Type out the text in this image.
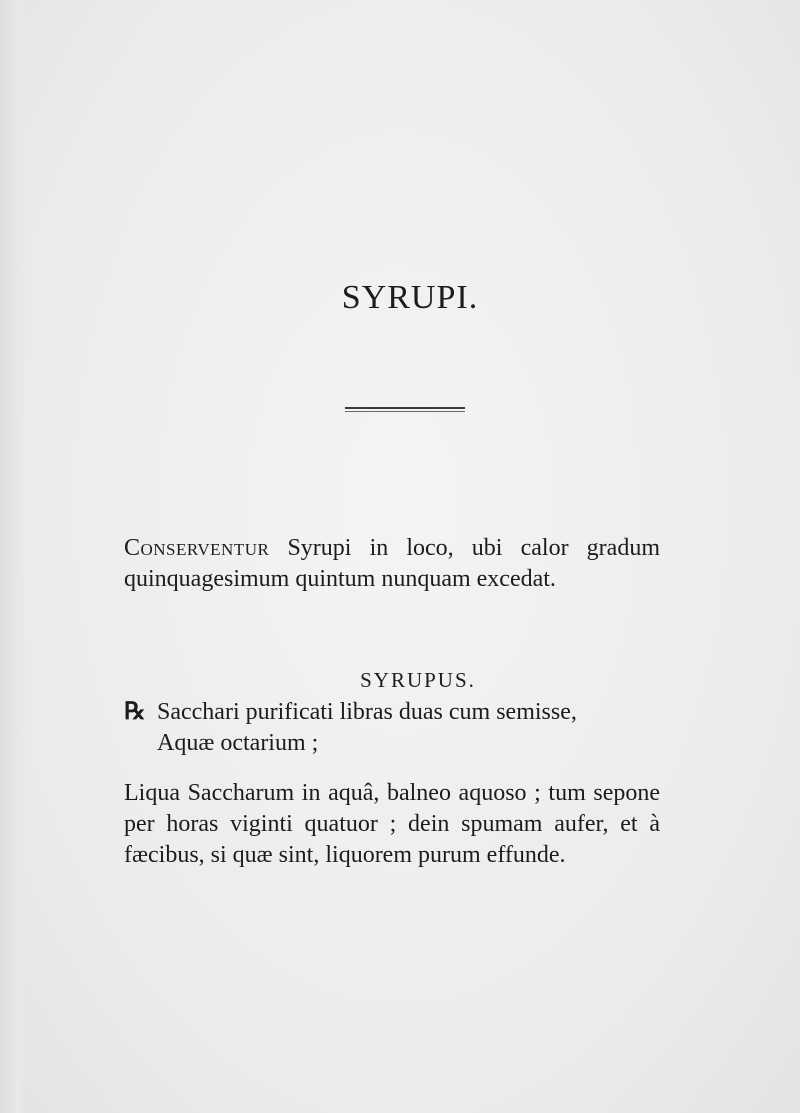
SYRUPI.

Conserventur Syrupi in loco, ubi calor gradum quinquagesimum quintum nunquam excedat.

SYRUPUS.
℞ Sacchari purificati libras duas cum semisse,
Aquæ octarium ;

Liqua Saccharum in aquâ, balneo aquoso ; tum sepone per horas viginti quatuor ; dein spumam aufer, et à fæcibus, si quæ sint, liquorem purum effunde.
